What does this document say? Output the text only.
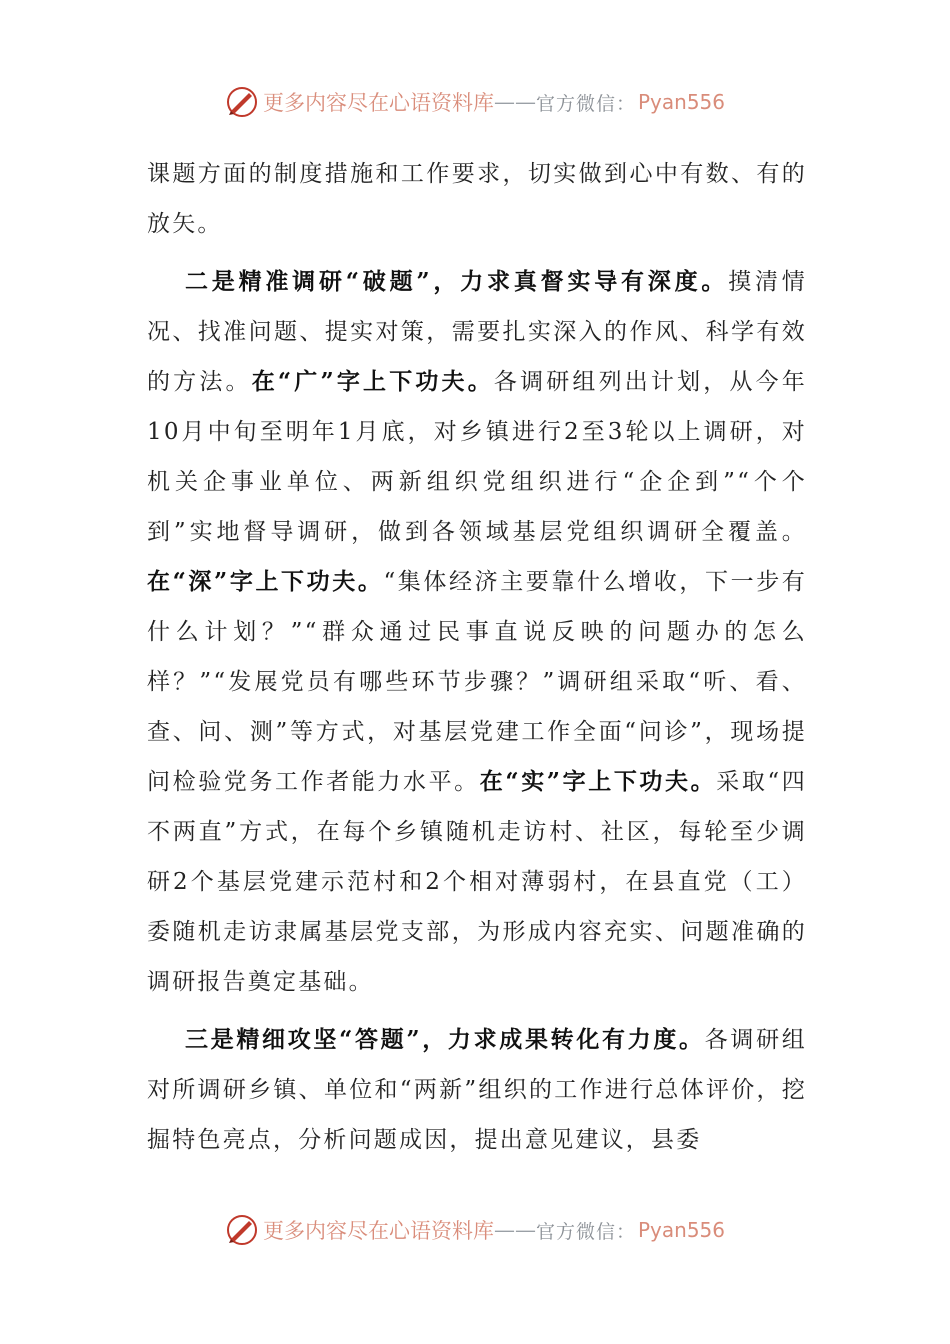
更多内容尽在心语资料库 —— 官方微信： Pyan556

课题方面的制度措施和工作要求，切实做到心中有数、有的放矢。

二是精准调研“破题”，力求真督实导有深度。摸清情况、找准问题、提实对策，需要扎实深入的作风、科学有效的方法。在“广”字上下功夫。各调研组列出计划，从今年10月中旬至明年1月底，对乡镇进行2至3轮以上调研，对机关企事业单位、两新组织党组织进行“企企到”“个个到”实地督导调研，做到各领域基层党组织调研全覆盖。在“深”字上下功夫。“集体经济主要靠什么增收，下一步有什么计划？”“群众通过民事直说反映的问题办的怎么样？”“发展党员有哪些环节步骤？”调研组采取“听、看、查、问、测”等方式，对基层党建工作全面“问诊”，现场提问检验党务工作者能力水平。在“实”字上下功夫。采取“四不两直”方式，在每个乡镇随机走访村、社区，每轮至少调研2个基层党建示范村和2个相对薄弱村，在县直党（工）委随机走访隶属基层党支部，为形成内容充实、问题准确的调研报告奠定基础。

三是精细攻坚“答题”，力求成果转化有力度。各调研组对所调研乡镇、单位和“两新”组织的工作进行总体评价，挖掘特色亮点，分析问题成因，提出意见建议，县委

更多内容尽在心语资料库 —— 官方微信： Pyan556
